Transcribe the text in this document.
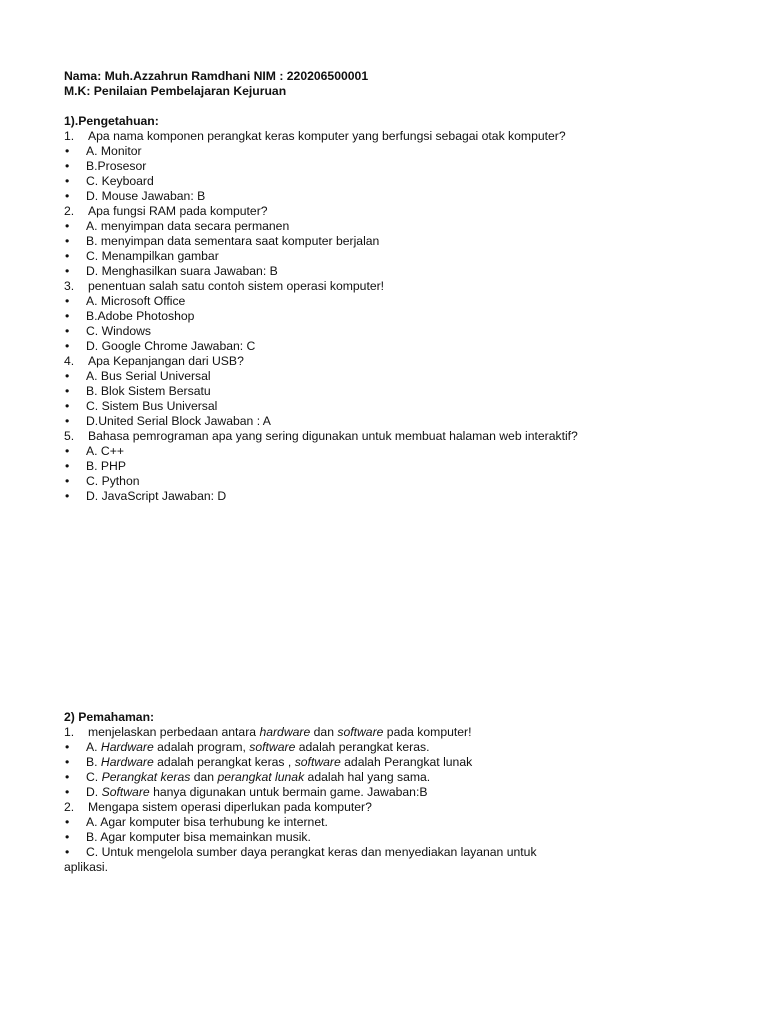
Nama: Muh.Azzahrun Ramdhani NIM : 220206500001
M.K: Penilaian Pembelajaran Kejuruan
1).Pengetahuan:
1.	Apa nama komponen perangkat keras komputer yang berfungsi sebagai otak komputer?
•	A. Monitor
•	B.Prosesor
•	C. Keyboard
•	D. Mouse Jawaban: B
2.	Apa fungsi RAM pada komputer?
•	A. menyimpan data secara permanen
•	B. menyimpan data sementara saat komputer berjalan
•	C. Menampilkan gambar
•	D. Menghasilkan suara Jawaban: B
3.	penentuan salah satu contoh sistem operasi komputer!
•	A. Microsoft Office
•	B.Adobe Photoshop
•	C. Windows
•	D. Google Chrome Jawaban: C
4.	Apa Kepanjangan dari USB?
•	A. Bus Serial Universal
•	B. Blok Sistem Bersatu
•	C. Sistem Bus Universal
•	D.United Serial Block Jawaban : A
5.	Bahasa pemrograman apa yang sering digunakan untuk membuat halaman web interaktif?
•	A. C++
•	B. PHP
•	C. Python
•	D. JavaScript Jawaban: D
2) Pemahaman:
1.	menjelaskan perbedaan antara hardware dan software pada komputer!
•	A. Hardware adalah program, software adalah perangkat keras.
•	B. Hardware adalah perangkat keras , software adalah Perangkat lunak
•	C. Perangkat keras dan perangkat lunak adalah hal yang sama.
•	D. Software hanya digunakan untuk bermain game. Jawaban:B
2.	Mengapa sistem operasi diperlukan pada komputer?
•	A. Agar komputer bisa terhubung ke internet.
•	B. Agar komputer bisa memainkan musik.
•	C. Untuk mengelola sumber daya perangkat keras dan menyediakan layanan untuk
aplikasi.
